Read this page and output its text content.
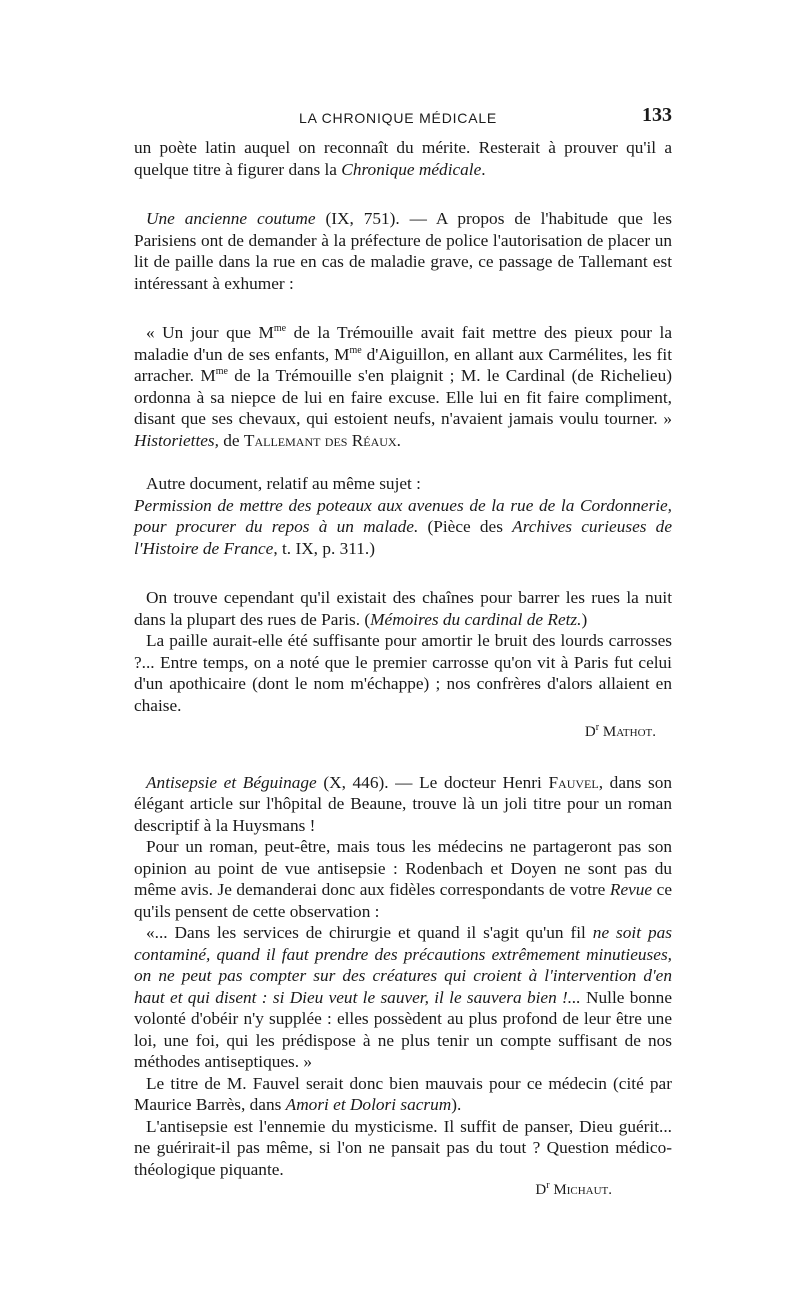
LA CHRONIQUE MÉDICALE	133

un poète latin auquel on reconnaît du mérite. Resterait à prouver qu'il a quelque titre à figurer dans la Chronique médicale.

Une ancienne coutume (IX, 751). — A propos de l'habitude que les Parisiens ont de demander à la préfecture de police l'autorisation de placer un lit de paille dans la rue en cas de maladie grave, ce passage de Tallemant est intéressant à exhumer :

« Un jour que $M^{me}$ de la Trémouille avait fait mettre des pieux pour la maladie d'un de ses enfants, $M^{me}$ d'Aiguillon, en allant aux Carmélites, les fit arracher. $M^{me}$ de la Trémouille s'en plaignit ; M. le Cardinal (de Richelieu) ordonna à sa niepce de lui en faire excuse. Elle lui en fit faire compliment, disant que ses chevaux, qui estoient neufs, n'avaient jamais voulu tourner. » Historiettes, de Tallemant des Réaux.

Autre document, relatif au même sujet :
Permission de mettre des poteaux aux avenues de la rue de la Cordonnerie, pour procurer du repos à un malade. (Pièce des Archives curieuses de l'Histoire de France, t. IX, p. 311.)

On trouve cependant qu'il existait des chaînes pour barrer les rues la nuit dans la plupart des rues de Paris. (Mémoires du cardinal de Retz.)

La paille aurait-elle été suffisante pour amortir le bruit des lourds carrosses ?... Entre temps, on a noté que le premier carrosse qu'on vit à Paris fut celui d'un apothicaire (dont le nom m'échappe) ; nos confrères d'alors allaient en chaise.

$D^r$ Mathot.

Antisepsie et Béguinage (X, 446). — Le docteur Henri Fauvel, dans son élégant article sur l'hôpital de Beaune, trouve là un joli titre pour un roman descriptif à la Huysmans !

Pour un roman, peut-être, mais tous les médecins ne partageront pas son opinion au point de vue antisepsie : Rodenbach et Doyen ne sont pas du même avis. Je demanderai donc aux fidèles correspondants de votre Revue ce qu'ils pensent de cette observation :

«... Dans les services de chirurgie et quand il s'agit qu'un fil ne soit pas contaminé, quand il faut prendre des précautions extrêmement minutieuses, on ne peut pas compter sur des créatures qui croient à l'intervention d'en haut et qui disent : si Dieu veut le sauver, il le sauvera bien !... Nulle bonne volonté d'obéir n'y supplée : elles possèdent au plus profond de leur être une loi, une foi, qui les prédispose à ne plus tenir un compte suffisant de nos méthodes antiseptiques. »

Le titre de M. Fauvel serait donc bien mauvais pour ce médecin (cité par Maurice Barrès, dans Amori et Dolori sacrum).

L'antisepsie est l'ennemie du mysticisme. Il suffit de panser, Dieu guérit... ne guérirait-il pas même, si l'on ne pansait pas du tout ? Question médico-théologique piquante.

$D^r$ Michaut.
